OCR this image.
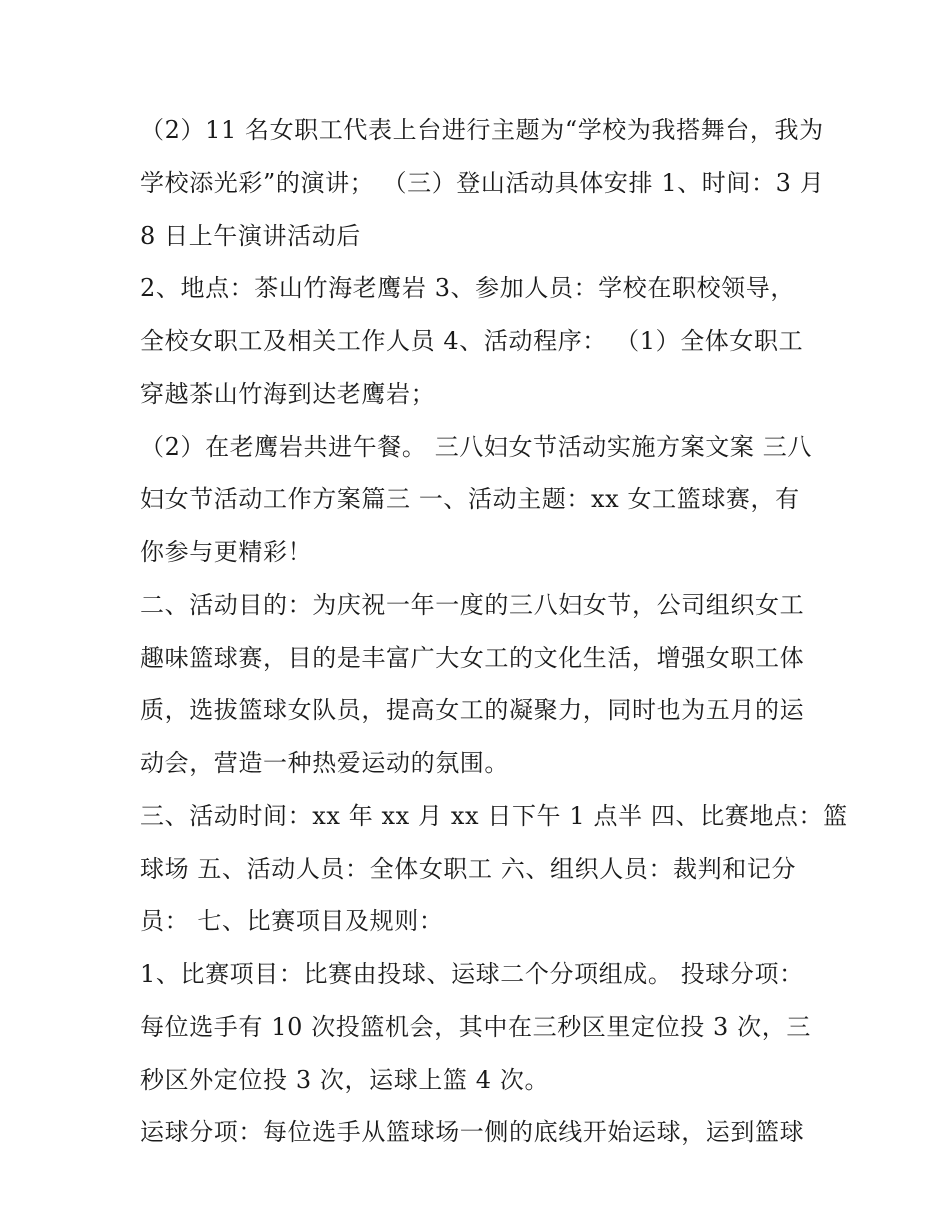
（2）11 名女职工代表上台进行主题为“学校为我搭舞台，我为
学校添光彩”的演讲； （三）登山活动具体安排 1、时间：3 月
8 日上午演讲活动后
2、地点：茶山竹海老鹰岩 3、参加人员：学校在职校领导，
全校女职工及相关工作人员 4、活动程序： （1）全体女职工
穿越茶山竹海到达老鹰岩；
（2）在老鹰岩共进午餐。 三八妇女节活动实施方案文案 三八
妇女节活动工作方案篇三 一、活动主题：xx 女工篮球赛，有
你参与更精彩！
二、活动目的：为庆祝一年一度的三八妇女节，公司组织女工
趣味篮球赛，目的是丰富广大女工的文化生活，增强女职工体
质，选拔篮球女队员，提高女工的凝聚力，同时也为五月的运
动会，营造一种热爱运动的氛围。
三、活动时间：xx 年 xx 月 xx 日下午 1 点半 四、比赛地点：篮
球场 五、活动人员：全体女职工 六、组织人员：裁判和记分
员： 七、比赛项目及规则：
1、比赛项目：比赛由投球、运球二个分项组成。 投球分项：
每位选手有 10 次投篮机会，其中在三秒区里定位投 3 次，三
秒区外定位投 3 次，运球上篮 4 次。
运球分项：每位选手从篮球场一侧的底线开始运球，运到篮球
